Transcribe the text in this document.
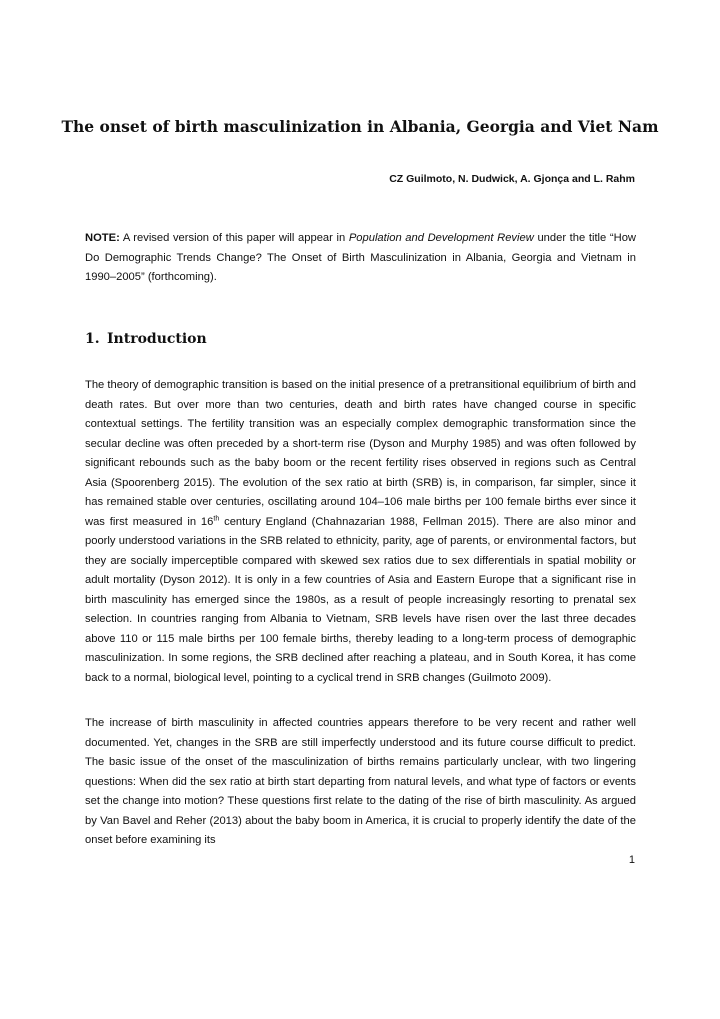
The onset of birth masculinization in Albania, Georgia and Viet Nam
CZ Guilmoto, N. Dudwick, A. Gjonça and L. Rahm

NOTE: A revised version of this paper will appear in Population and Development Review under the title “How Do Demographic Trends Change? The Onset of Birth Masculinization in Albania, Georgia and Vietnam in 1990–2005” (forthcoming).

1. Introduction

The theory of demographic transition is based on the initial presence of a pretransitional equilibrium of birth and death rates. But over more than two centuries, death and birth rates have changed course in specific contextual settings. The fertility transition was an especially complex demographic transformation since the secular decline was often preceded by a short-term rise (Dyson and Murphy 1985) and was often followed by significant rebounds such as the baby boom or the recent fertility rises observed in regions such as Central Asia (Spoorenberg 2015). The evolution of the sex ratio at birth (SRB) is, in comparison, far simpler, since it has remained stable over centuries, oscillating around 104–106 male births per 100 female births ever since it was first measured in 16th century England (Chahnazarian 1988, Fellman 2015). There are also minor and poorly understood variations in the SRB related to ethnicity, parity, age of parents, or environmental factors, but they are socially imperceptible compared with skewed sex ratios due to sex differentials in spatial mobility or adult mortality (Dyson 2012). It is only in a few countries of Asia and Eastern Europe that a significant rise in birth masculinity has emerged since the 1980s, as a result of people increasingly resorting to prenatal sex selection. In countries ranging from Albania to Vietnam, SRB levels have risen over the last three decades above 110 or 115 male births per 100 female births, thereby leading to a long-term process of demographic masculinization. In some regions, the SRB declined after reaching a plateau, and in South Korea, it has come back to a normal, biological level, pointing to a cyclical trend in SRB changes (Guilmoto 2009).

The increase of birth masculinity in affected countries appears therefore to be very recent and rather well documented. Yet, changes in the SRB are still imperfectly understood and its future course difficult to predict. The basic issue of the onset of the masculinization of births remains particularly unclear, with two lingering questions: When did the sex ratio at birth start departing from natural levels, and what type of factors or events set the change into motion? These questions first relate to the dating of the rise of birth masculinity. As argued by Van Bavel and Reher (2013) about the baby boom in America, it is crucial to properly identify the date of the onset before examining its

1
